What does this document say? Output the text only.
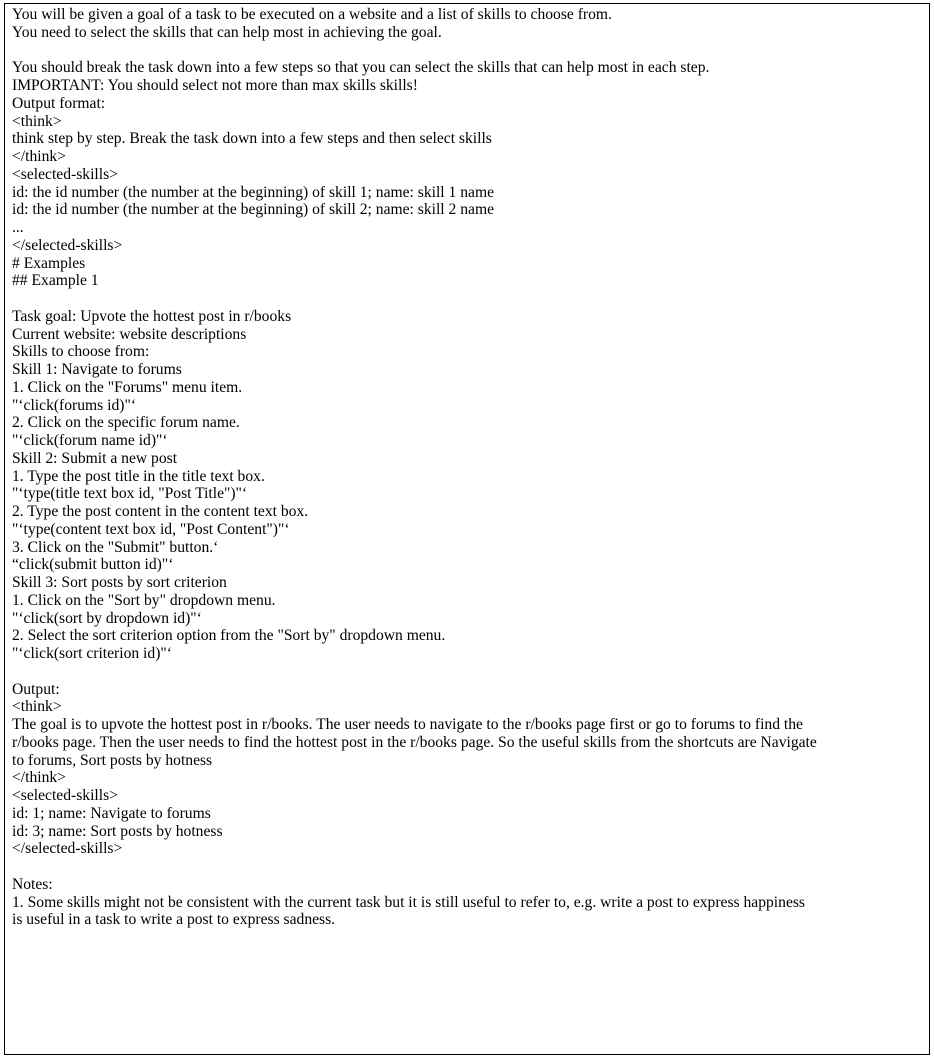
You will be given a goal of a task to be executed on a website and a list of skills to choose from.

You need to select the skills that can help most in achieving the goal.

You should break the task down into a few steps so that you can select the skills that can help most in each step.

IMPORTANT: You should select not more than max skills skills!

Output format:

<think>

think step by step. Break the task down into a few steps and then select skills

</think>

<selected-skills>

id: the id number (the number at the beginning) of skill 1; name: skill 1 name

id: the id number (the number at the beginning) of skill 2; name: skill 2 name

...

</selected-skills>

# Examples

## Example 1

Task goal: Upvote the hottest post in r/books

Current website: website descriptions

Skills to choose from:

Skill 1: Navigate to forums

1. Click on the "Forums" menu item.

"‘click(forums id)"‘

2. Click on the specific forum name.

"‘click(forum name id)"‘

Skill 2: Submit a new post

1. Type the post title in the title text box.

"‘type(title text box id, "Post Title")"‘

2. Type the post content in the content text box.

"‘type(content text box id, "Post Content")"‘

3. Click on the "Submit" button.‘

“click(submit button id)"‘

Skill 3: Sort posts by sort criterion

1. Click on the "Sort by" dropdown menu.

"‘click(sort by dropdown id)"‘

2. Select the sort criterion option from the "Sort by" dropdown menu.

"‘click(sort criterion id)"‘

Output:

<think>

The goal is to upvote the hottest post in r/books. The user needs to navigate to the r/books page first or go to forums to find the

r/books page. Then the user needs to find the hottest post in the r/books page. So the useful skills from the shortcuts are Navigate

to forums, Sort posts by hotness

</think>

<selected-skills>

id: 1; name: Navigate to forums

id: 3; name: Sort posts by hotness

</selected-skills>

Notes:

1. Some skills might not be consistent with the current task but it is still useful to refer to, e.g. write a post to express happiness

is useful in a task to write a post to express sadness.
